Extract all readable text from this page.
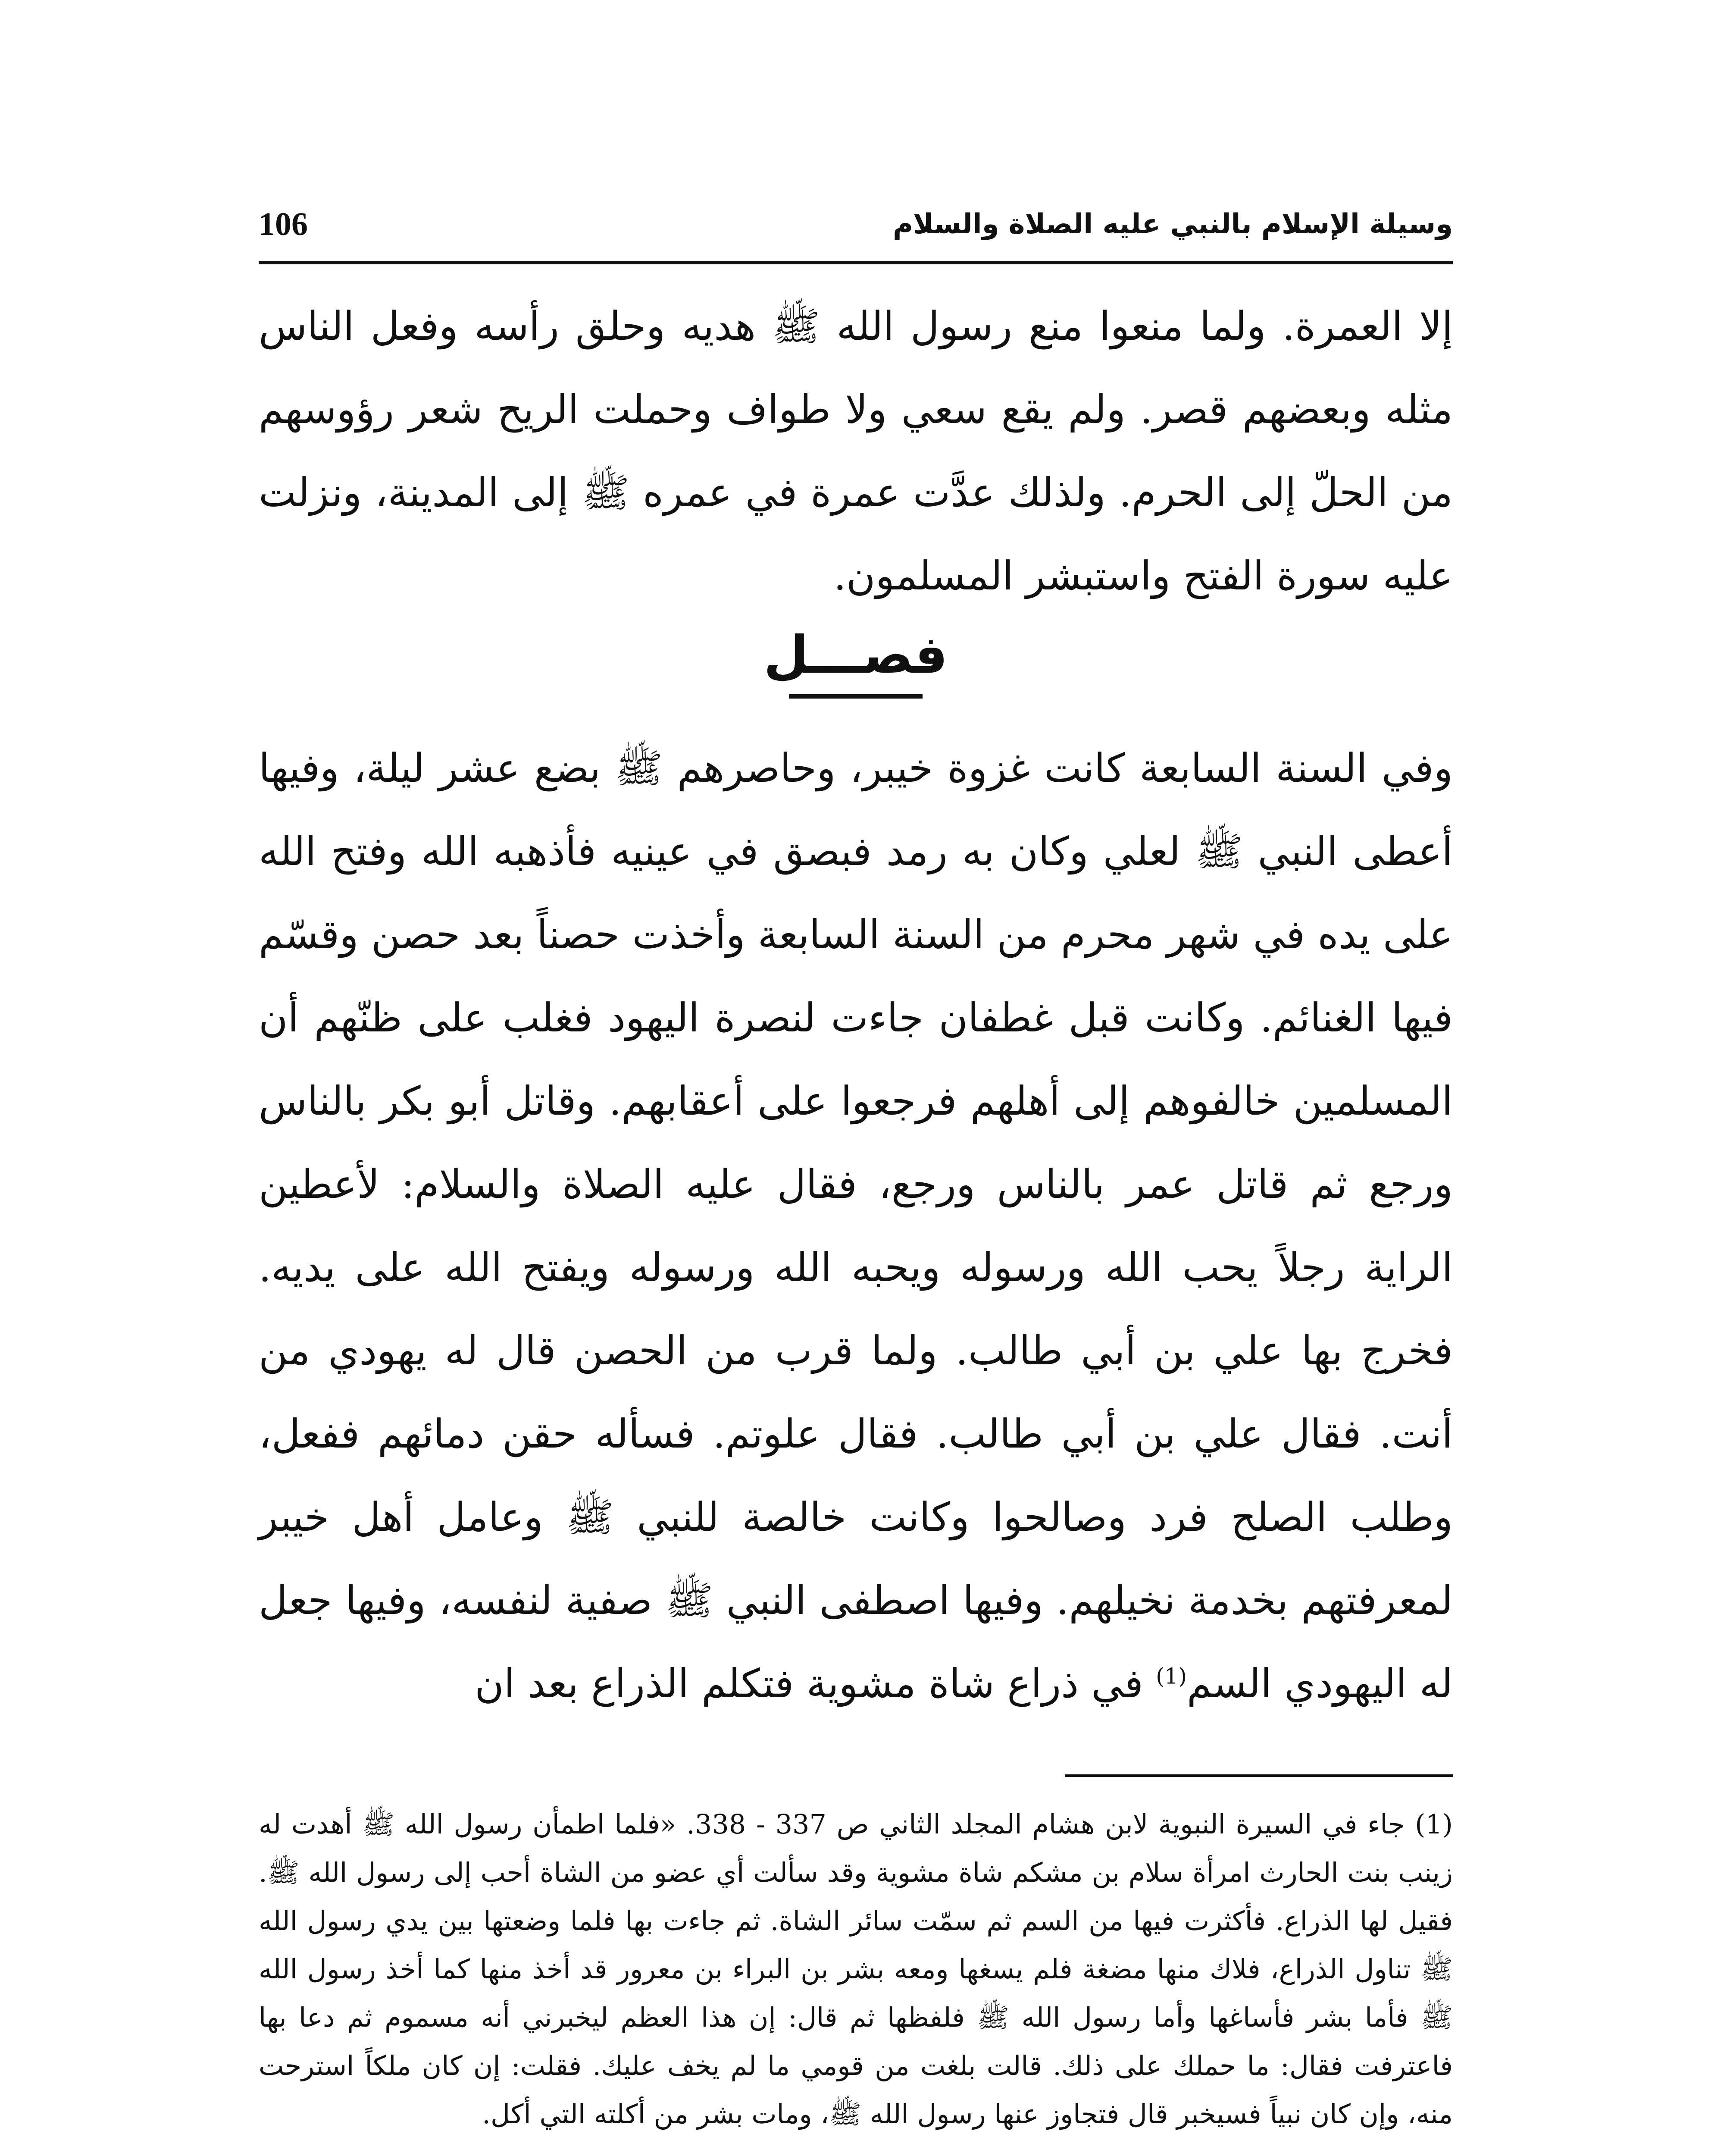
وسيلة الإسلام بالنبي عليه الصلاة والسلام
106

إلا العمرة. ولما منعوا منع رسول الله ﷺ هديه وحلق رأسه وفعل الناس مثله وبعضهم قصر. ولم يقع سعي ولا طواف وحملت الريح شعر رؤوسهم من الحلّ إلى الحرم. ولذلك عدَّت عمرة في عمره ﷺ إلى المدينة، ونزلت عليه سورة الفتح واستبشر المسلمون.

فصـــل

وفي السنة السابعة كانت غزوة خيبر، وحاصرهم ﷺ بضع عشر ليلة، وفيها أعطى النبي ﷺ لعلي وكان به رمد فبصق في عينيه فأذهبه الله وفتح الله على يده في شهر محرم من السنة السابعة وأخذت حصناً بعد حصن وقسّم فيها الغنائم. وكانت قبل غطفان جاءت لنصرة اليهود فغلب على ظنّهم أن المسلمين خالفوهم إلى أهلهم فرجعوا على أعقابهم. وقاتل أبو بكر بالناس ورجع ثم قاتل عمر بالناس ورجع، فقال عليه الصلاة والسلام: لأعطين الراية رجلاً يحب الله ورسوله ويحبه الله ورسوله ويفتح الله على يديه. فخرج بها علي بن أبي طالب. ولما قرب من الحصن قال له يهودي من أنت. فقال علي بن أبي طالب. فقال علوتم. فسأله حقن دمائهم ففعل، وطلب الصلح فرد وصالحوا وكانت خالصة للنبي ﷺ وعامل أهل خيبر لمعرفتهم بخدمة نخيلهم. وفيها اصطفى النبي ﷺ صفية لنفسه، وفيها جعل له اليهودي السم$^{(1)}$ في ذراع شاة مشوية فتكلم الذراع بعد ان

(1) جاء في السيرة النبوية لابن هشام المجلد الثاني ص 337 - 338. «فلما اطمأن رسول الله ﷺ أهدت له زينب بنت الحارث امرأة سلام بن مشكم شاة مشوية وقد سألت أي عضو من الشاة أحب إلى رسول الله ﷺ. فقيل لها الذراع. فأكثرت فيها من السم ثم سمّت سائر الشاة. ثم جاءت بها فلما وضعتها بين يدي رسول الله ﷺ تناول الذراع، فلاك منها مضغة فلم يسغها ومعه بشر بن البراء بن معرور قد أخذ منها كما أخذ رسول الله ﷺ فأما بشر فأساغها وأما رسول الله ﷺ فلفظها ثم قال: إن هذا العظم ليخبرني أنه مسموم ثم دعا بها فاعترفت فقال: ما حملك على ذلك. قالت بلغت من قومي ما لم يخف عليك. فقلت: إن كان ملكاً استرحت منه، وإن كان نبياً فسيخبر قال فتجاوز عنها رسول الله ﷺ، ومات بشر من أكلته التي أكل.
